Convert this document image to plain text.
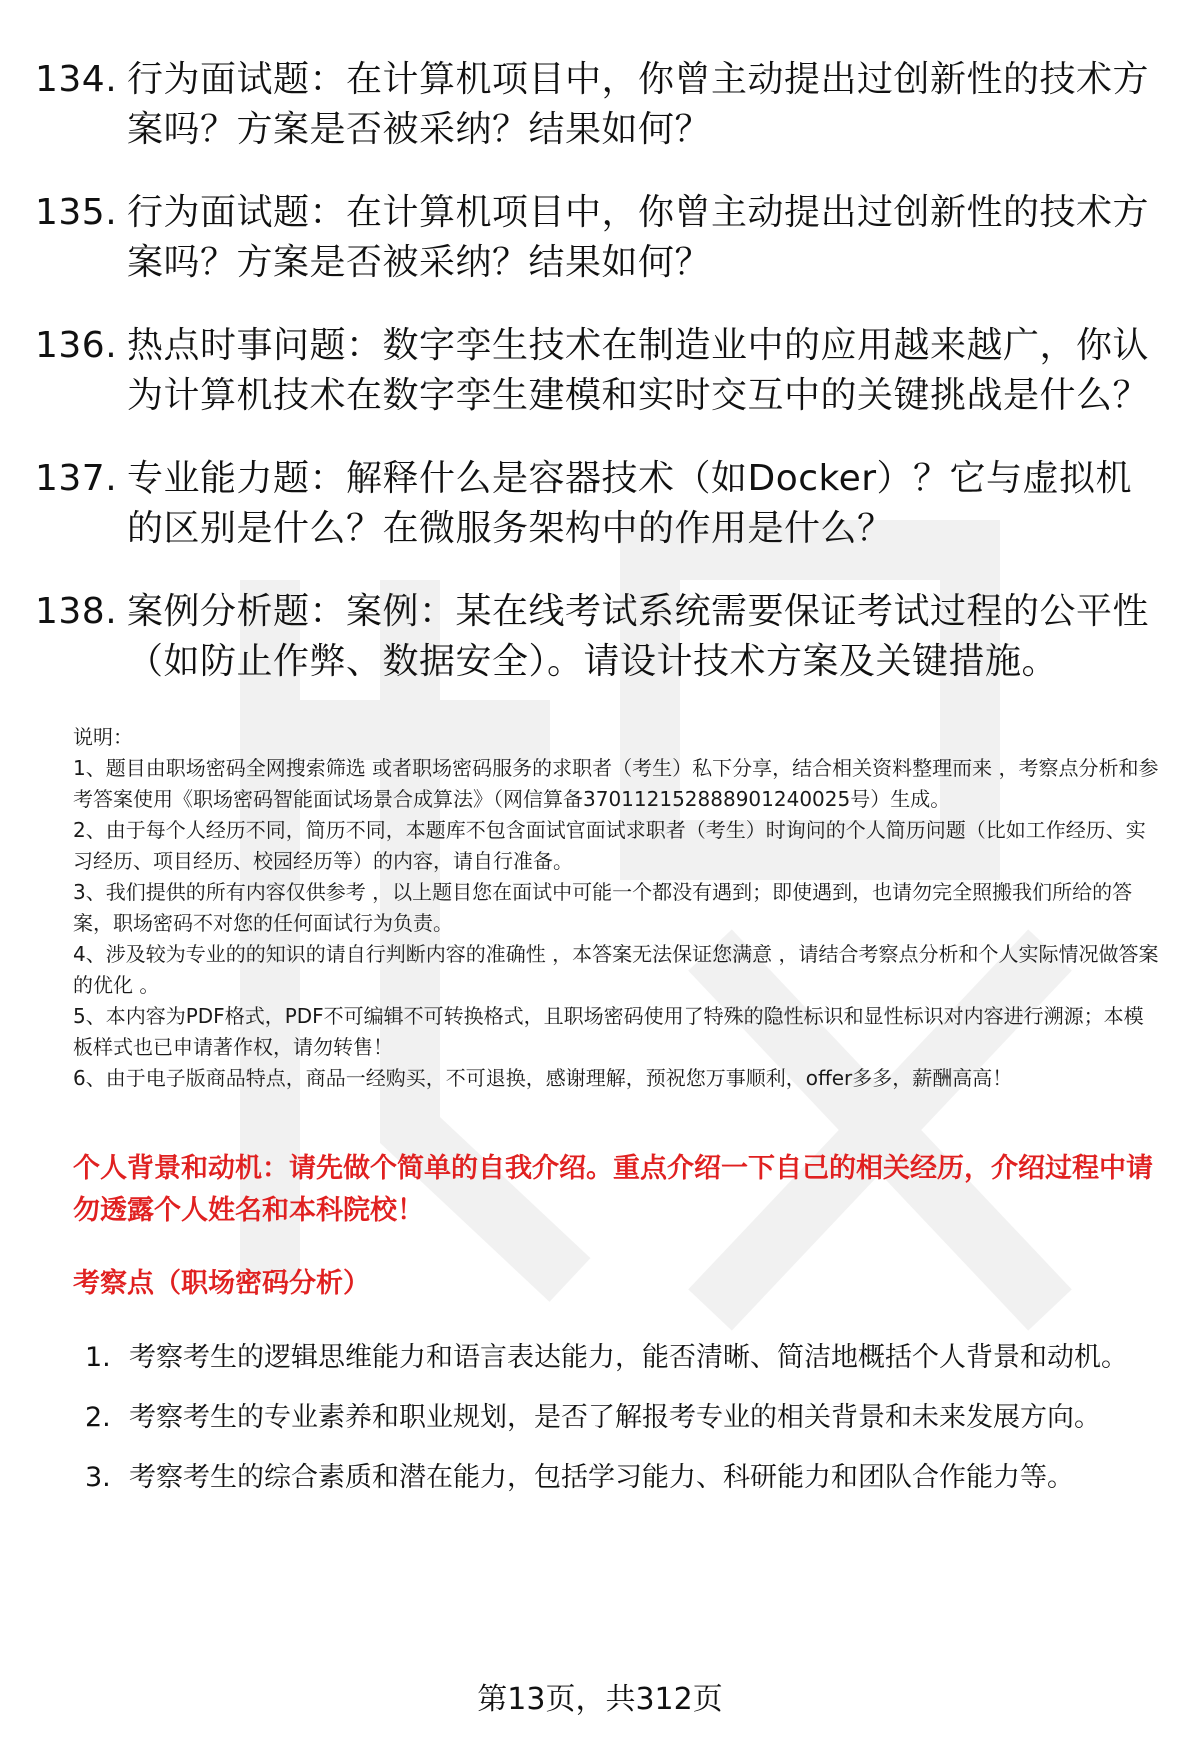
134. 行为面试题：在计算机项目中，你曾主动提出过创新性的技术方案吗？方案是否被采纳？结果如何？
135. 行为面试题：在计算机项目中，你曾主动提出过创新性的技术方案吗？方案是否被采纳？结果如何？
136. 热点时事问题：数字孪生技术在制造业中的应用越来越广，你认为计算机技术在数字孪生建模和实时交互中的关键挑战是什么？
137. 专业能力题：解释什么是容器技术（如Docker）？它与虚拟机的区别是什么？在微服务架构中的作用是什么？
138. 案例分析题：案例：某在线考试系统需要保证考试过程的公平性（如防止作弊、数据安全）。请设计技术方案及关键措施。

说明：

1、题目由职场密码全网搜索筛选 或者职场密码服务的求职者（考生）私下分享，结合相关资料整理而来 ，考察点分析和参考答案使用《职场密码智能面试场景合成算法》（网信算备370112152888901240025号）生成。

2、由于每个人经历不同，简历不同，本题库不包含面试官面试求职者（考生）时询问的个人简历问题（比如工作经历、实习经历、项目经历、校园经历等）的内容，请自行准备。

3、我们提供的所有内容仅供参考 ，以上题目您在面试中可能一个都没有遇到；即使遇到，也请勿完全照搬我们所给的答案，职场密码不对您的任何面试行为负责。

4、涉及较为专业的的知识的请自行判断内容的准确性 ，本答案无法保证您满意 ，请结合考察点分析和个人实际情况做答案的优化 。

5、本内容为PDF格式，PDF不可编辑不可转换格式，且职场密码使用了特殊的隐性标识和显性标识对内容进行溯源；本模板样式也已申请著作权，请勿转售！

6、由于电子版商品特点，商品一经购买，不可退换，感谢理解，预祝您万事顺利，offer多多，薪酬高高！

个人背景和动机：请先做个简单的自我介绍。重点介绍一下自己的相关经历，介绍过程中请勿透露个人姓名和本科院校！
考察点（职场密码分析）
1. 考察考生的逻辑思维能力和语言表达能力，能否清晰、简洁地概括个人背景和动机。
2. 考察考生的专业素养和职业规划，是否了解报考专业的相关背景和未来发展方向。
3. 考察考生的综合素质和潜在能力，包括学习能力、科研能力和团队合作能力等。
第13页，共312页
